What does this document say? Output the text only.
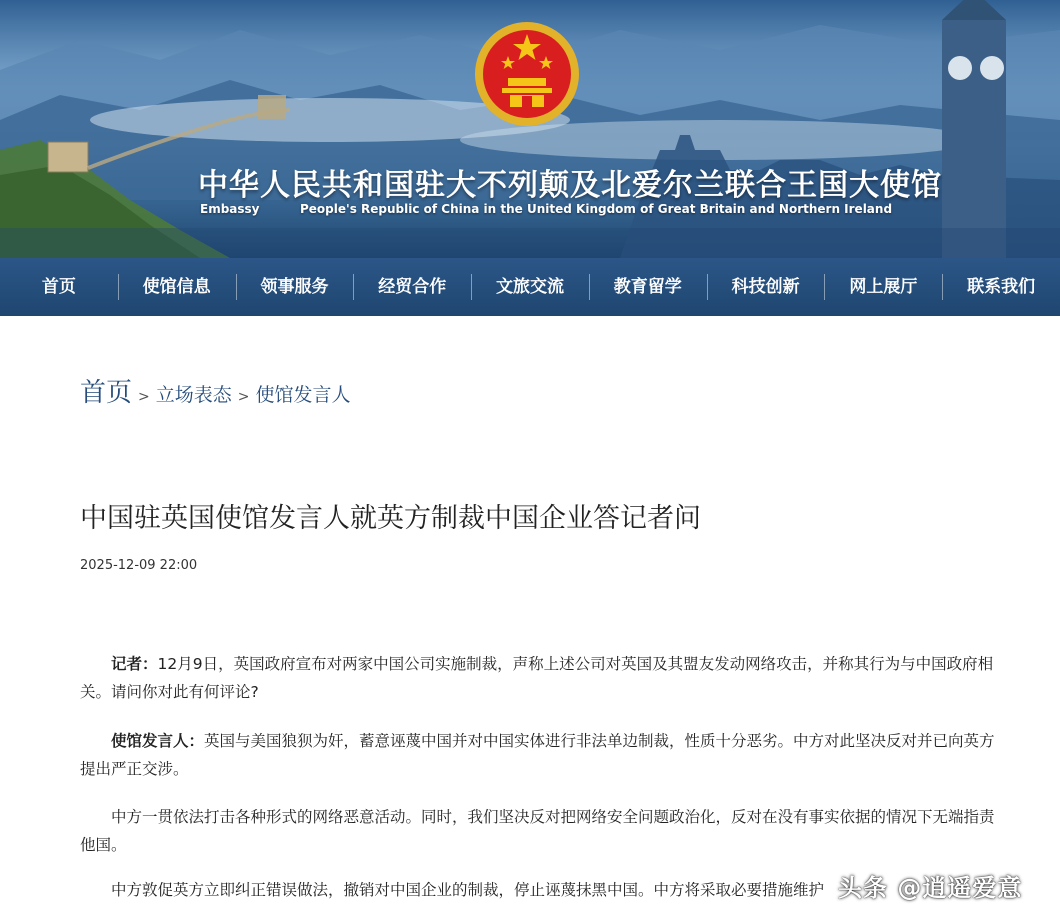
中华人民共和国驻大不列颠及北爱尔兰联合王国大使馆
Embassy	People's Republic of China in the United Kingdom of Great Britain and Northern Ireland
首页	使馆信息	领事服务	经贸合作	文旅交流	教育留学	科技创新	网上展厅	联系我们
首页 > 立场表态 > 使馆发言人
中国驻英国使馆发言人就英方制裁中国企业答记者问
2025-12-09 22:00

记者：12月9日，英国政府宣布对两家中国公司实施制裁，声称上述公司对英国及其盟友发动网络攻击，并称其行为与中国政府相关。请问你对此有何评论?

使馆发言人：英国与美国狼狈为奸，蓄意诬蔑中国并对中国实体进行非法单边制裁，性质十分恶劣。中方对此坚决反对并已向英方提出严正交涉。

中方一贯依法打击各种形式的网络恶意活动。同时，我们坚决反对把网络安全问题政治化，反对在没有事实依据的情况下无端指责他国。

中方敦促英方立即纠正错误做法，撤销对中国企业的制裁，停止诬蔑抹黑中国。中方将采取必要措施维护 头条 @逍遥爱意
